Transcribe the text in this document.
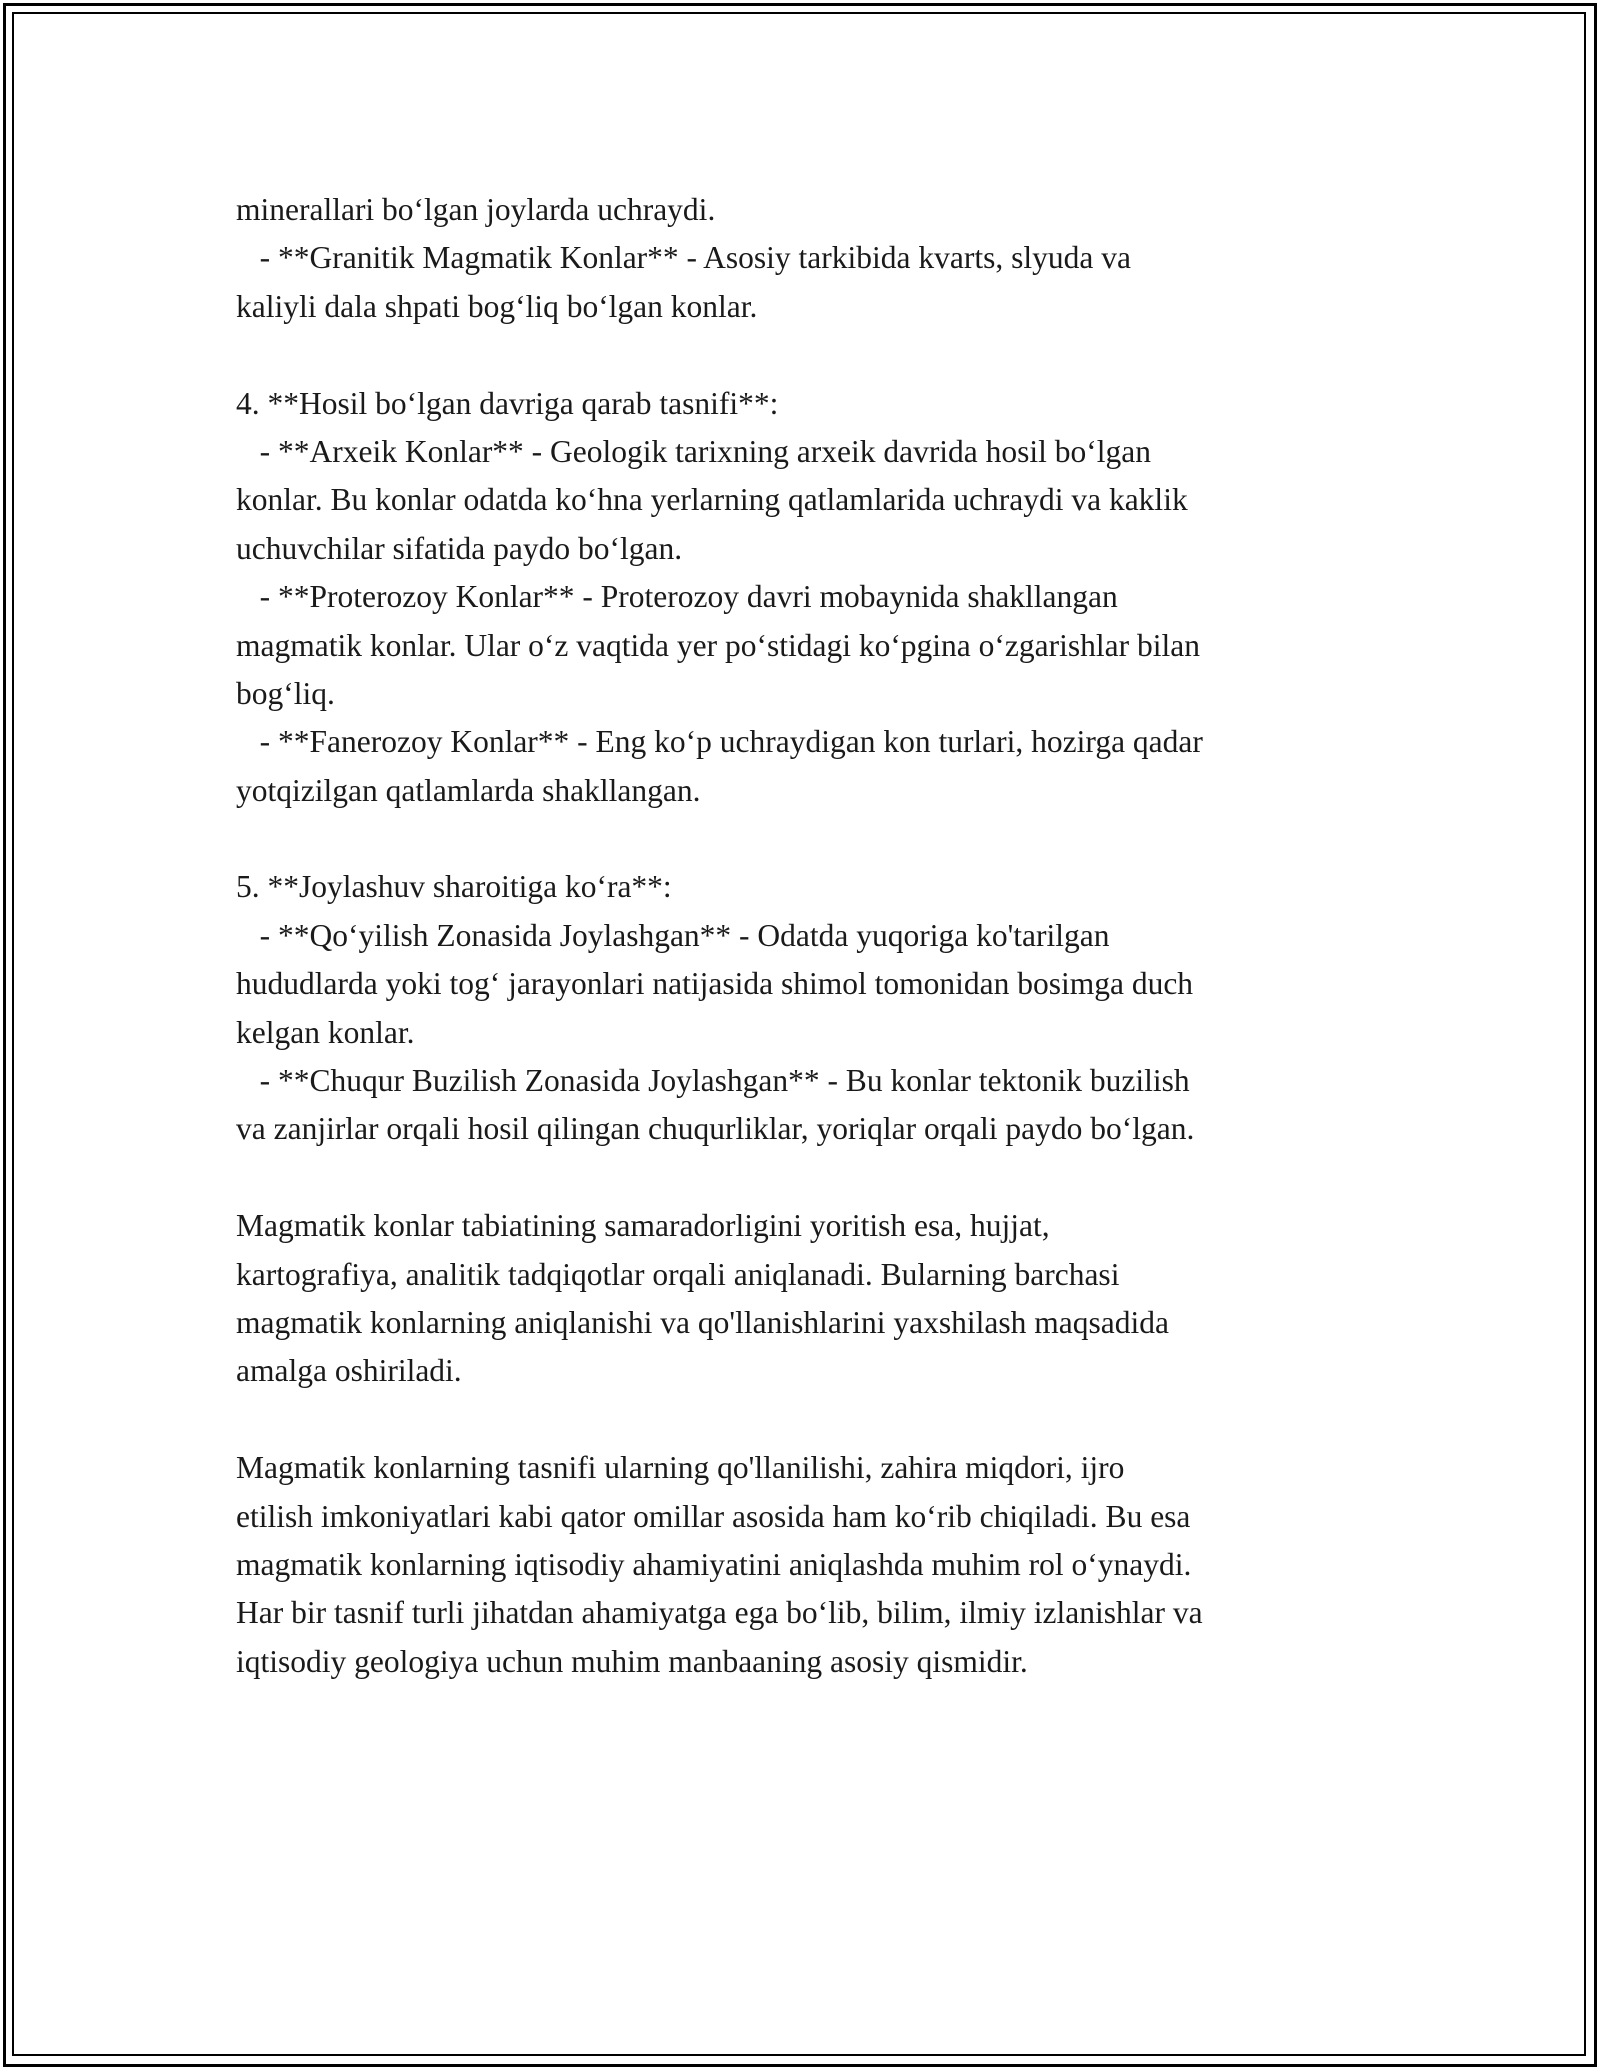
minerallari bo‘lgan joylarda uchraydi.
- **Granitik Magmatik Konlar** - Asosiy tarkibida kvarts, slyuda va
kaliyli dala shpati bog‘liq bo‘lgan konlar.
4. **Hosil bo‘lgan davriga qarab tasnifi**:
- **Arxeik Konlar** - Geologik tarixning arxeik davrida hosil bo‘lgan
konlar. Bu konlar odatda ko‘hna yerlarning qatlamlarida uchraydi va kaklik
uchuvchilar sifatida paydo bo‘lgan.
- **Proterozoy Konlar** - Proterozoy davri mobaynida shakllangan
magmatik konlar. Ular o‘z vaqtida yer po‘stidagi ko‘pgina o‘zgarishlar bilan
bog‘liq.
- **Fanerozoy Konlar** - Eng ko‘p uchraydigan kon turlari, hozirga qadar
yotqizilgan qatlamlarda shakllangan.
5. **Joylashuv sharoitiga ko‘ra**:
- **Qo‘yilish Zonasida Joylashgan** - Odatda yuqoriga ko'tarilgan
hududlarda yoki tog‘ jarayonlari natijasida shimol tomonidan bosimga duch
kelgan konlar.
- **Chuqur Buzilish Zonasida Joylashgan** - Bu konlar tektonik buzilish
va zanjirlar orqali hosil qilingan chuqurliklar, yoriqlar orqali paydo bo‘lgan.
Magmatik konlar tabiatining samaradorligini yoritish esa, hujjat,
kartografiya, analitik tadqiqotlar orqali aniqlanadi. Bularning barchasi
magmatik konlarning aniqlanishi va qo'llanishlarini yaxshilash maqsadida
amalga oshiriladi.
Magmatik konlarning tasnifi ularning qo'llanilishi, zahira miqdori, ijro
etilish imkoniyatlari kabi qator omillar asosida ham ko‘rib chiqiladi. Bu esa
magmatik konlarning iqtisodiy ahamiyatini aniqlashda muhim rol o‘ynaydi.
Har bir tasnif turli jihatdan ahamiyatga ega bo‘lib, bilim, ilmiy izlanishlar va
iqtisodiy geologiya uchun muhim manbaaning asosiy qismidir.
